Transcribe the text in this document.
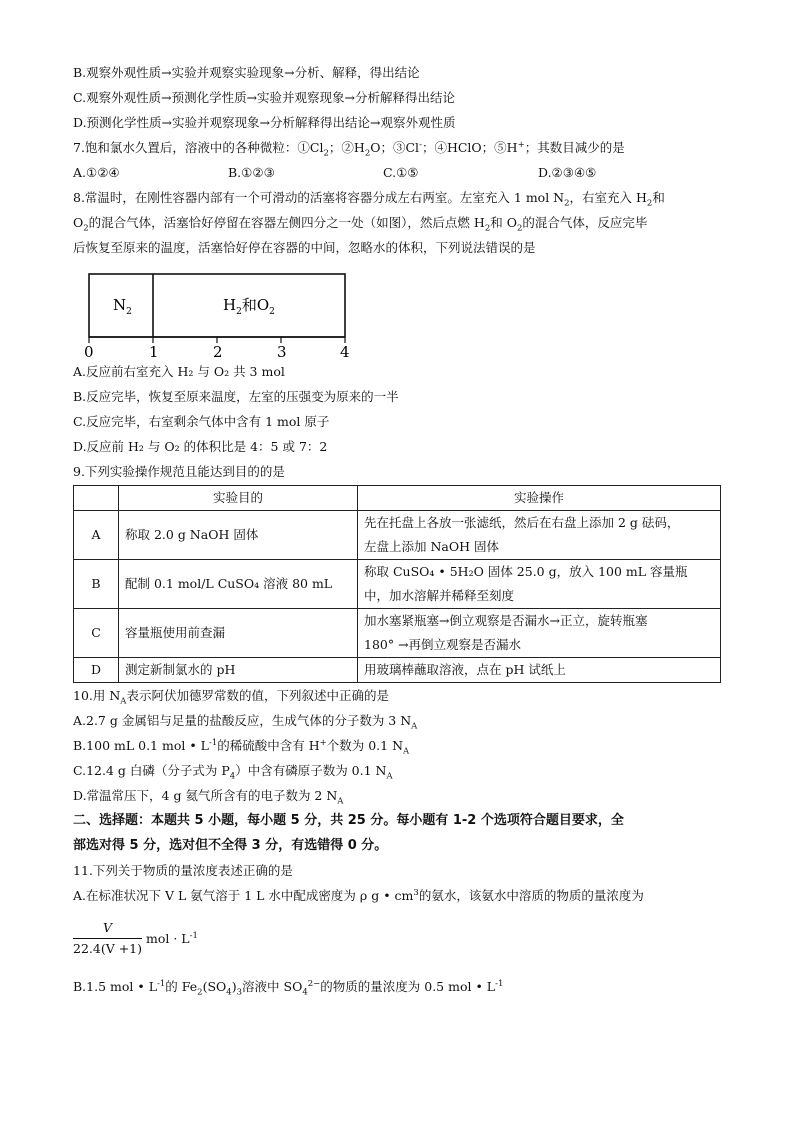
B.观察外观性质→实验并观察实验现象→分析、解释，得出结论
C.观察外观性质→预测化学性质→实验并观察现象→分析解释得出结论
D.预测化学性质→实验并观察现象→分析解释得出结论→观察外观性质
7.饱和氯水久置后，溶液中的各种微粒：$①Cl_2$；$②H_2O$；③Cl-；④HClO；⑤H+；其数目减少的是
A.①②④	B.①②③	C.①⑤	D.②③④⑤
8.常温时，在刚性容器内部有一个可滑动的活塞将容器分成左右两室。左室充入 1 mol $N_2$，右室充入 $H_2$和
$O_2$的混合气体，活塞恰好停留在容器左侧四分之一处（如图），然后点燃 $H_2$和 $O_2$的混合气体，反应完毕
后恢复至原来的温度，活塞恰好停在容器的中间，忽略水的体积，下列说法错误的是
$N_2$	$H_2$和$O_2$
0	1	2	3	4
A.反应前右室充入 H₂ 与 O₂ 共 3 mol
B.反应完毕，恢复至原来温度，左室的压强变为原来的一半
C.反应完毕，右室剩余气体中含有 1 mol 原子
D.反应前 H₂ 与 O₂ 的体积比是 4：5 或 7：2
9.下列实验操作规范且能达到目的的是
	实验目的	实验操作
A	称取 2.0 g NaOH 固体	先在托盘上各放一张滤纸，然后在右盘上添加 2 g 砝码，
左盘上添加 NaOH 固体

B	配制 0.1 mol/L CuSO₄ 溶液 80 mL	称取 CuSO₄ • 5H₂O 固体 25.0 g，放入 100 mL 容量瓶
中，加水溶解并稀释至刻度

C	容量瓶使用前查漏	加水塞紧瓶塞→倒立观察是否漏水→正立，旋转瓶塞
180° →再倒立观察是否漏水

D	测定新制氯水的 pH	用玻璃棒蘸取溶液，点在 pH 试纸上
10.用 $N_A$表示阿伏加德罗常数的值，下列叙述中正确的是
A.2.7 g 金属铝与足量的盐酸反应，生成气体的分子数为 3 $N_A$
B.100 mL 0.1 mol • $L^{-1}$的稀硫酸中含有 H+个数为 0.1 $N_A$
C.12.4 g 白磷（分子式为 $P_4$）中含有磷原子数为 0.1 $N_A$
D.常温常压下，4 g 氦气所含有的电子数为 2 $N_A$
二、选择题：本题共 5 小题，每小题 5 分，共 25 分。每小题有 1-2 个选项符合题目要求，全
部选对得 5 分，选对但不全得 3 分，有选错得 0 分。
11.下列关于物质的量浓度表述正确的是
A.在标准状况下 V L 氨气溶于 1 L 水中配成密度为 ρ g • $cm^3$的氨水，该氨水中溶质的物质的量浓度为
$\frac{V}{22.4(V +1)}$ mol · $L^{-1}$
B.1.5 mol • $L^{-1}$的 $Fe_2(SO_4)_3$溶液中 $SO_4^{2-}$的物质的量浓度为 0.5 mol • $L^{-1}$
